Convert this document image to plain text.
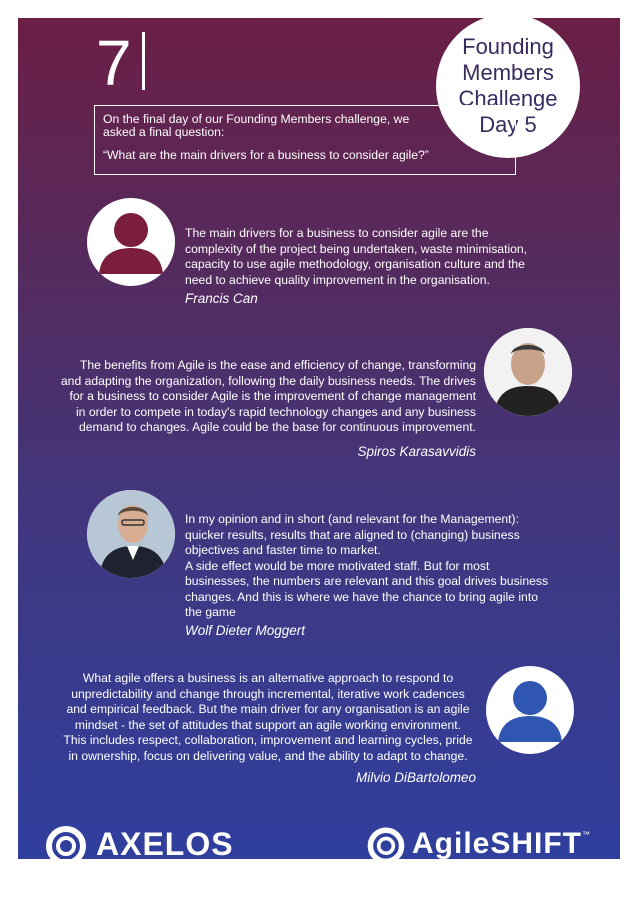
7	Founding
Members
Challenge
Day 5

On the final day of our Founding Members challenge, we asked a final question:

“What are the main drivers for a business to consider agile?”

The main drivers for a business to consider agile are the
complexity of the project being undertaken, waste minimisation,
capacity to use agile methodology, organisation culture and the
need to achieve quality improvement in the organisation.
Francis Can
The benefits from Agile is the ease and efficiency of change, transforming
and adapting the organization, following the daily business needs. The drives
for a business to consider Agile is the improvement of change management
in order to compete in today's rapid technology changes and any business
demand to changes. Agile could be the base for continuous improvement.
Spiros Karasavvidis
In my opinion and in short (and relevant for the Management):
quicker results, results that are aligned to (changing) business
objectives and faster time to market.
A side effect would be more motivated staff. But for most
businesses, the numbers are relevant and this goal drives business
changes. And this is where we have the chance to bring agile into
the game
Wolf Dieter Moggert
What agile offers a business is an alternative approach to respond to
unpredictability and change through incremental, iterative work cadences
and empirical feedback. But the main driver for any organisation is an agile
mindset - the set of attitudes that support an agile working environment.
This includes respect, collaboration, improvement and learning cycles, pride
in ownership, focus on delivering value, and the ability to adapt to change.
Milvio DiBartolomeo
AXELOS	AgileSHIFT ™
